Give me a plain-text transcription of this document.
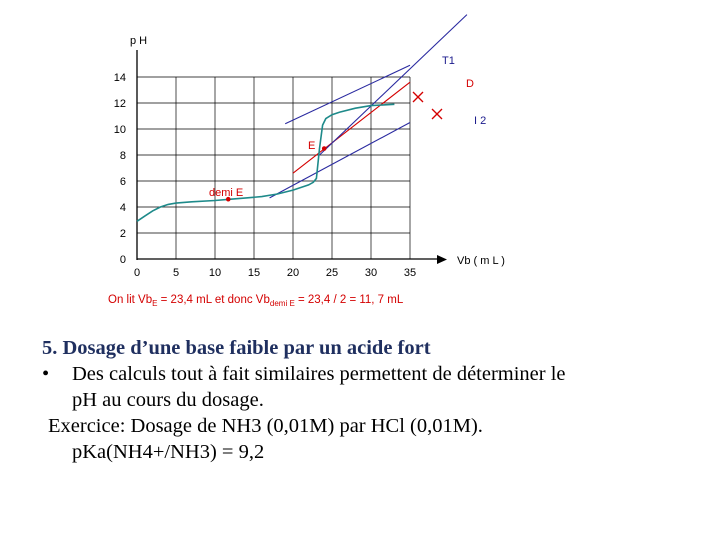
0	5	10 15 20 25 30 35
0
2
4
6
8
10
12
14
p H
Vb ( m L )
T1
D
I 2
E
demi E
On lit $Vb_E = 23,4$ mL et donc $Vb_{demi E} = 23,4 / 2 = 11$, 7 mL
5. Dosage d’une base faible par un acide fort
• Des calculs tout à fait similaires permettent de déterminer le
pH au cours du dosage.
Exercice: Dosage de NH3 (0,01M) par HCl (0,01M).
pKa(NH4+/NH3) = 9,2
